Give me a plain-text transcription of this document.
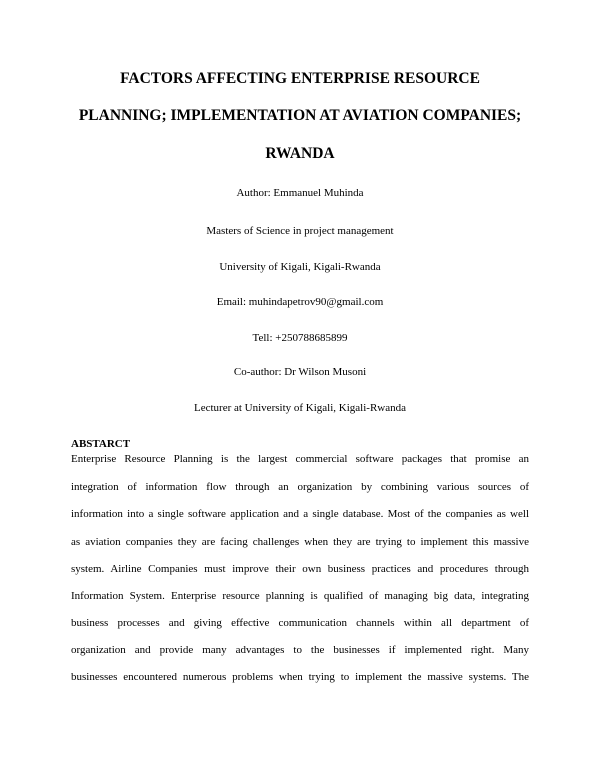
FACTORS AFFECTING ENTERPRISE RESOURCE
PLANNING; IMPLEMENTATION AT AVIATION COMPANIES;
RWANDA
Author: Emmanuel Muhinda
Masters of Science in project management
University of Kigali, Kigali-Rwanda
Email: muhindapetrov90@gmail.com
Tell: +250788685899
Co-author: Dr Wilson Musoni
Lecturer at University of Kigali, Kigali-Rwanda
ABSTARCT
Enterprise Resource Planning is the largest commercial software packages that promise an
integration of information flow through an organization by combining various sources of
information into a single software application and a single database. Most of the companies as well
as aviation companies they are facing challenges when they are trying to implement this massive
system. Airline Companies must improve their own business practices and procedures through
Information System. Enterprise resource planning is qualified of managing big data, integrating
business processes and giving effective communication channels within all department of
organization and provide many advantages to the businesses if implemented right. Many
businesses encountered numerous problems when trying to implement the massive systems. The
